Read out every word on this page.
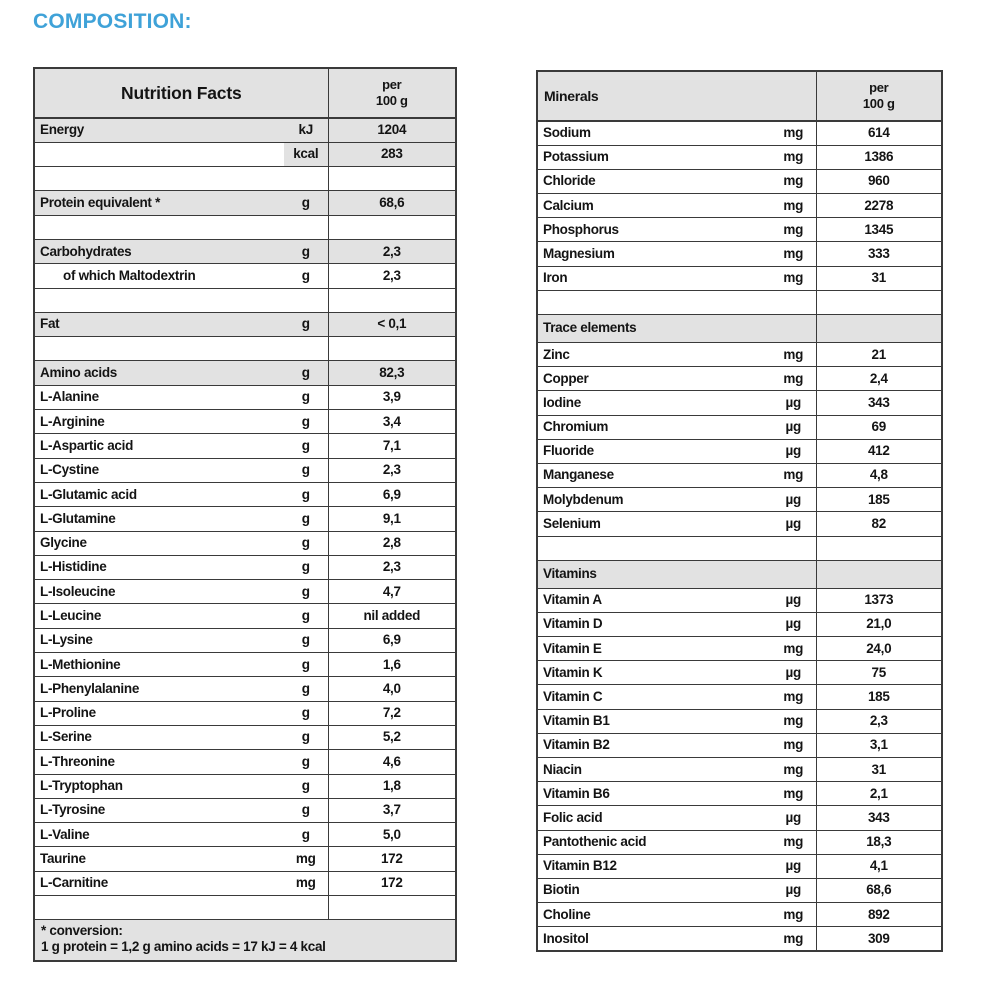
COMPOSITION:
Nutrition Facts		per
100 g
Energy	kJ	1204
	kcal	283

Protein equivalent *	g	68,6

Carbohydrates	g	2,3
of which Maltodextrin	g	2,3

Fat	g	< 0,1

Amino acids	g	82,3
L-Alanine	g	3,9
L-Arginine	g	3,4
L-Aspartic acid	g	7,1
L-Cystine	g	2,3
L-Glutamic acid	g	6,9
L-Glutamine	g	9,1
Glycine	g	2,8
L-Histidine	g	2,3
L-Isoleucine	g	4,7
L-Leucine	g	nil added
L-Lysine	g	6,9
L-Methionine	g	1,6
L-Phenylalanine	g	4,0
L-Proline	g	7,2
L-Serine	g	5,2
L-Threonine	g	4,6
L-Tryptophan	g	1,8
L-Tyrosine	g	3,7
L-Valine	g	5,0
Taurine	mg	172
L-Carnitine	mg	172

* conversion:
1 g protein = 1,2 g amino acids = 17 kJ = 4 kcal		
Minerals		per
100 g
Sodium	mg	614
Potassium	mg	1386
Chloride	mg	960
Calcium	mg	2278
Phosphorus	mg	1345
Magnesium	mg	333
Iron	mg	31

Trace elements		
Zinc	mg	21
Copper	mg	2,4
Iodine	µg	343
Chromium	µg	69
Fluoride	µg	412
Manganese	mg	4,8
Molybdenum	µg	185
Selenium	µg	82

Vitamins		
Vitamin A	µg	1373
Vitamin D	µg	21,0
Vitamin E	mg	24,0
Vitamin K	µg	75
Vitamin C	mg	185
Vitamin B1	mg	2,3
Vitamin B2	mg	3,1
Niacin	mg	31
Vitamin B6	mg	2,1
Folic acid	µg	343
Pantothenic acid	mg	18,3
Vitamin B12	µg	4,1
Biotin	µg	68,6
Choline	mg	892
Inositol	mg	309
